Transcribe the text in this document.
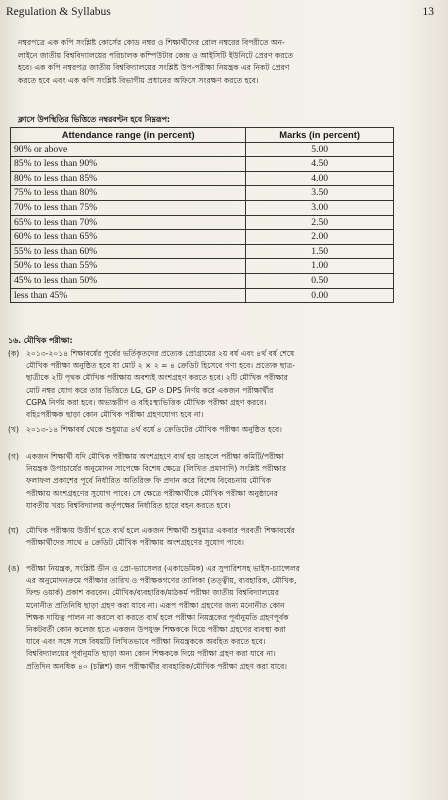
Regulation & Syllabus	13
নম্বরপত্রে এক কপি সংশ্লিষ্ট কোর্সের কোড নম্বর ও শিক্ষার্থীদের রোল নম্বরের বিপরীতে অন-
লাইনে জাতীয় বিশ্ববিদ্যালয়ের পরিচালক কম্পিউটার কেন্দ্র ও আইসিটি ইউনিটে প্রেরণ করতে
হবে। এক কপি নম্বরপত্র জাতীয় বিশ্ববিদ্যালয়ের সংশ্লিষ্ট উপ-পরীক্ষা নিয়ন্ত্রক এর নিকট প্রেরণ
করতে হবে এবং এক কপি সংশ্লিষ্ট বিভাগীয় প্রধানের অফিসে সংরক্ষণ করতে হবে।
ক্লাসে উপস্থিতির ভিত্তিতে নম্বরবণ্টন হবে নিম্নরূপ:
Attendance range (in percent)	Marks (in percent)
90% or above	5.00
85% to less than 90%	4.50
80% to less than 85%	4.00
75% to less than 80%	3.50
70% to less than 75%	3.00
65% to less than 70%	2.50
60% to less than 65%	2.00
55% to less than 60%	1.50
50% to less than 55%	1.00
45% to less than 50%	0.50
less than 45%	0.00
১৬. মৌখিক পরীক্ষা:
(ক) ২০১৩-২০১৪ শিক্ষাবর্ষের পূর্বের ভর্তিকৃতদের প্রত্যেক প্রোগ্রামের ২য় বর্ষ এবং ৪র্থ বর্ষ শেষে
মৌখিক পরীক্ষা অনুষ্ঠিত হবে যা মোট ২ × ২ = ৪ ক্রেডিট হিসেবে গণ্য হবে। প্রত্যেক ছাত্র-
ছাত্রীকে ২টি পৃথক মৌখিক পরীক্ষায় অবশ্যই অংশগ্রহণ করতে হবে। ২টি মৌখিক পরীক্ষার
মোট নম্বর যোগ করে তার ভিত্তিতে LG, GP ও DPS নির্ণয় করে একজন পরীক্ষার্থীর
CGPA নির্ণয় করা হবে। অভ্যন্তরীণ ও বহিঃস্থ্যভিত্তিক মৌখিক পরীক্ষা গ্রহণ করবে।
বহিঃপরীক্ষক ছাড়া কোন মৌখিক পরীক্ষা গ্রহণযোগ্য হবে না।
(খ) ২০১৩-১৪ শিক্ষাবর্ষ থেকে শুধুমাত্র ৪র্থ বর্ষে ৪ ক্রেডিটের মৌখিক পরীক্ষা অনুষ্ঠিত হবে।
(গ) একজন শিক্ষার্থী যদি মৌখিক পরীক্ষায় অংশগ্রহণে ব্যর্থ হয় তাহলে পরীক্ষা কমিটি/পরীক্ষা
নিয়ন্ত্রক উপাচার্যের অনুমোদন সাপেক্ষে বিশেষ ক্ষেত্রে (লিখিত প্রমাণাদি) সংশ্লিষ্ট পরীক্ষার
ফলাফল প্রকাশের পূর্বে নির্ধারিত অতিরিক্ত ফি প্রদান করে বিশেষ বিবেচনায় মৌখিক
পরীক্ষায় অংশগ্রহণের সুযোগ পাবে। সে ক্ষেত্রে পরীক্ষার্থীকে মৌখিক পরীক্ষা অনুষ্ঠানের
যাবতীয় খরচ বিশ্ববিদ্যালয় কর্তৃপক্ষের নির্ধারিত হারে বহন করতে হবে।
(ঘ) মৌখিক পরীক্ষায় উত্তীর্ণ হতে ব্যর্থ হলে একজন শিক্ষার্থী শুধুমাত্র একবার পরবর্তী শিক্ষাবর্ষের
পরীক্ষার্থীদের সাথে ৪ ক্রেডিট মৌখিক পরীক্ষায় অংশগ্রহণের সুযোগ পাবে।
(ঙ) পরীক্ষা নিয়ন্ত্রক, সংশ্লিষ্ট ডীন ও প্রো-ভ্যাসেলর (একাডেমিক) এর সুপারিশসহ ভাইস-চ্যান্সেলর
এর অনুমোদনক্রমে পরীক্ষার তারিখ ও পরীক্ষকগণের তালিকা (তত্ত্বীয়, ব্যবহারিক, মৌখিক,
ফিল্ড ওয়ার্ক) প্রকাশ করবেন। মৌখিক/ব্যবহারিক/মাঠকর্ম পরীক্ষা জাতীয় বিশ্ববিদ্যালয়ের
মনোনীত প্রতিনিধি ছাড়া গ্রহণ করা যাবে না। এরূপ পরীক্ষা গ্রহণের জন্য মনোনীত কোন
শিক্ষক দায়িত্ব পালন না করলে বা করতে ব্যর্থ হলে পরীক্ষা নিয়ন্ত্রকের পূর্বানুমতি গ্রহণপূর্বক
নিকটবর্তী কোন কলেজ হতে একজন উপযুক্ত শিক্ষককে দিয়ে পরীক্ষা গ্রহণের ব্যবস্থা করা
যাবে এবং সঙ্গে সঙ্গে বিষয়টি লিখিতভাবে পরীক্ষা নিয়ন্ত্রককে অবহিত করতে হবে।
বিশ্ববিদ্যালয়ের পূর্বানুমতি ছাড়া অন্য কোন শিক্ষককে দিয়ে পরীক্ষা গ্রহণ করা যাবে না।
প্রতিদিন অনধিক ৪০ (চল্লিশ) জন পরীক্ষার্থীর ব্যবহারিক/মৌখিক পরীক্ষা গ্রহণ করা যাবে।
